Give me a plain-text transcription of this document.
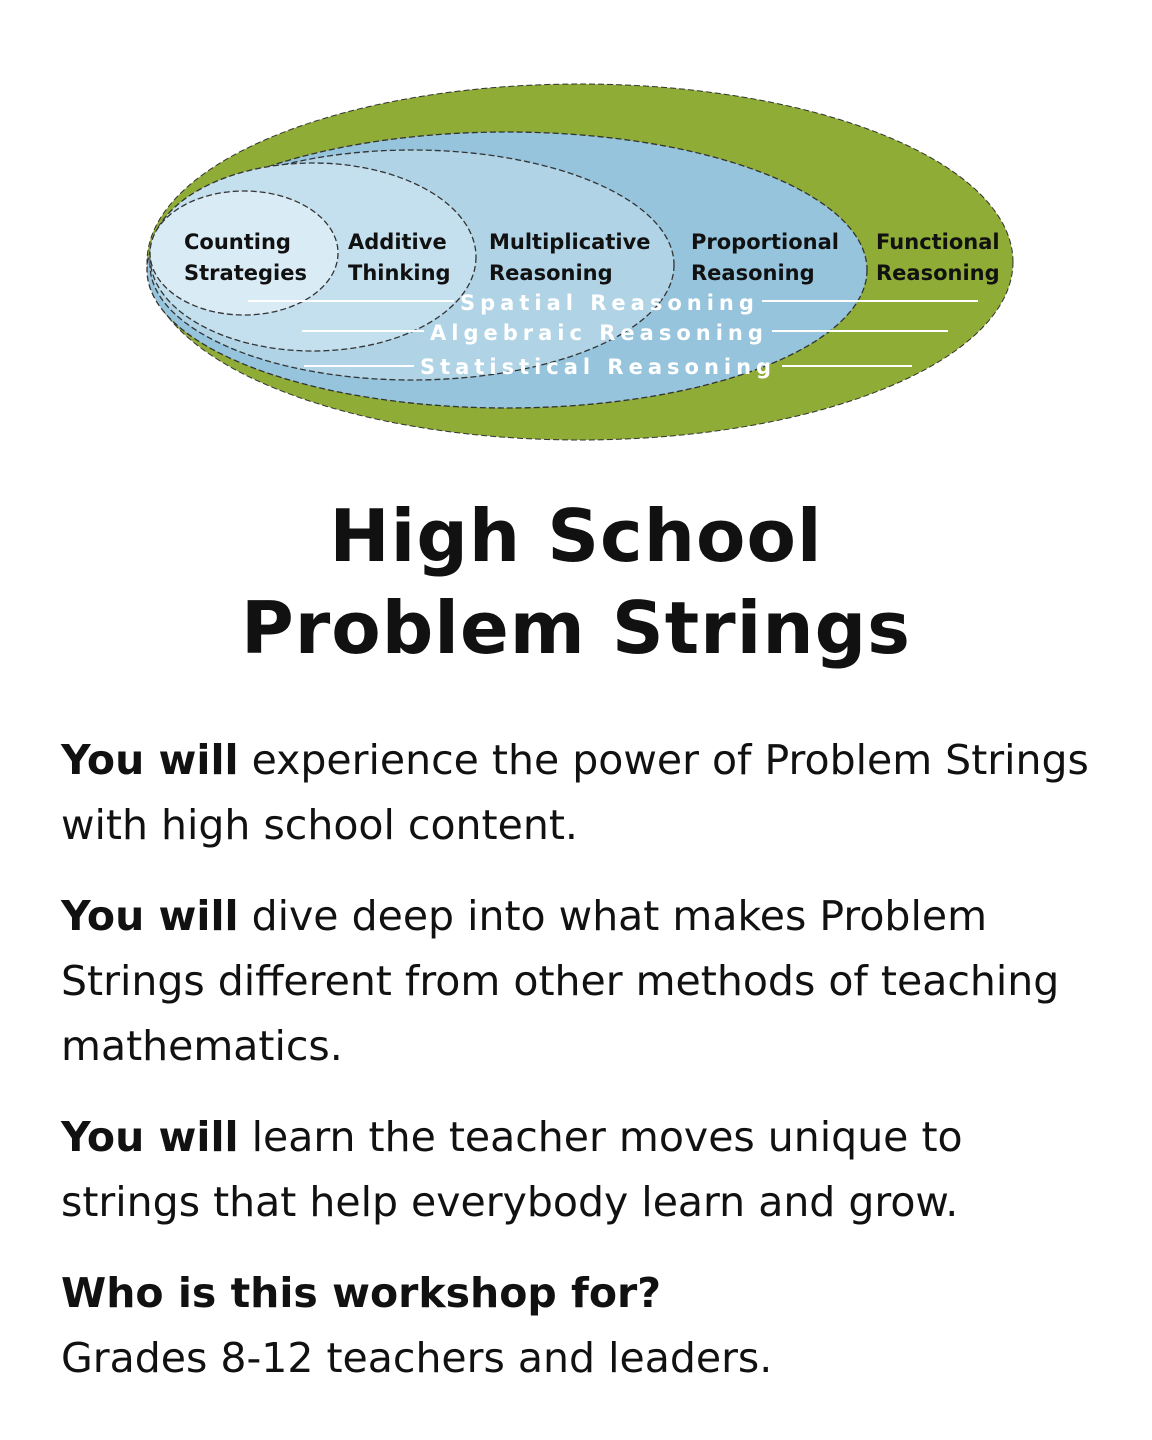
Counting Strategies
Additive Thinking
Multiplicative Reasoning
Proportional Reasoning
Functional Reasoning
Spatial Reasoning
Algebraic Reasoning
Statistical Reasoning
High School
Problem Strings

You will experience the power of Problem Strings with high school content.

You will dive deep into what makes Problem Strings different from other methods of teaching mathematics.

You will learn the teacher moves unique to strings that help everybody learn and grow.

Who is this workshop for?
Grades 8-12 teachers and leaders.
